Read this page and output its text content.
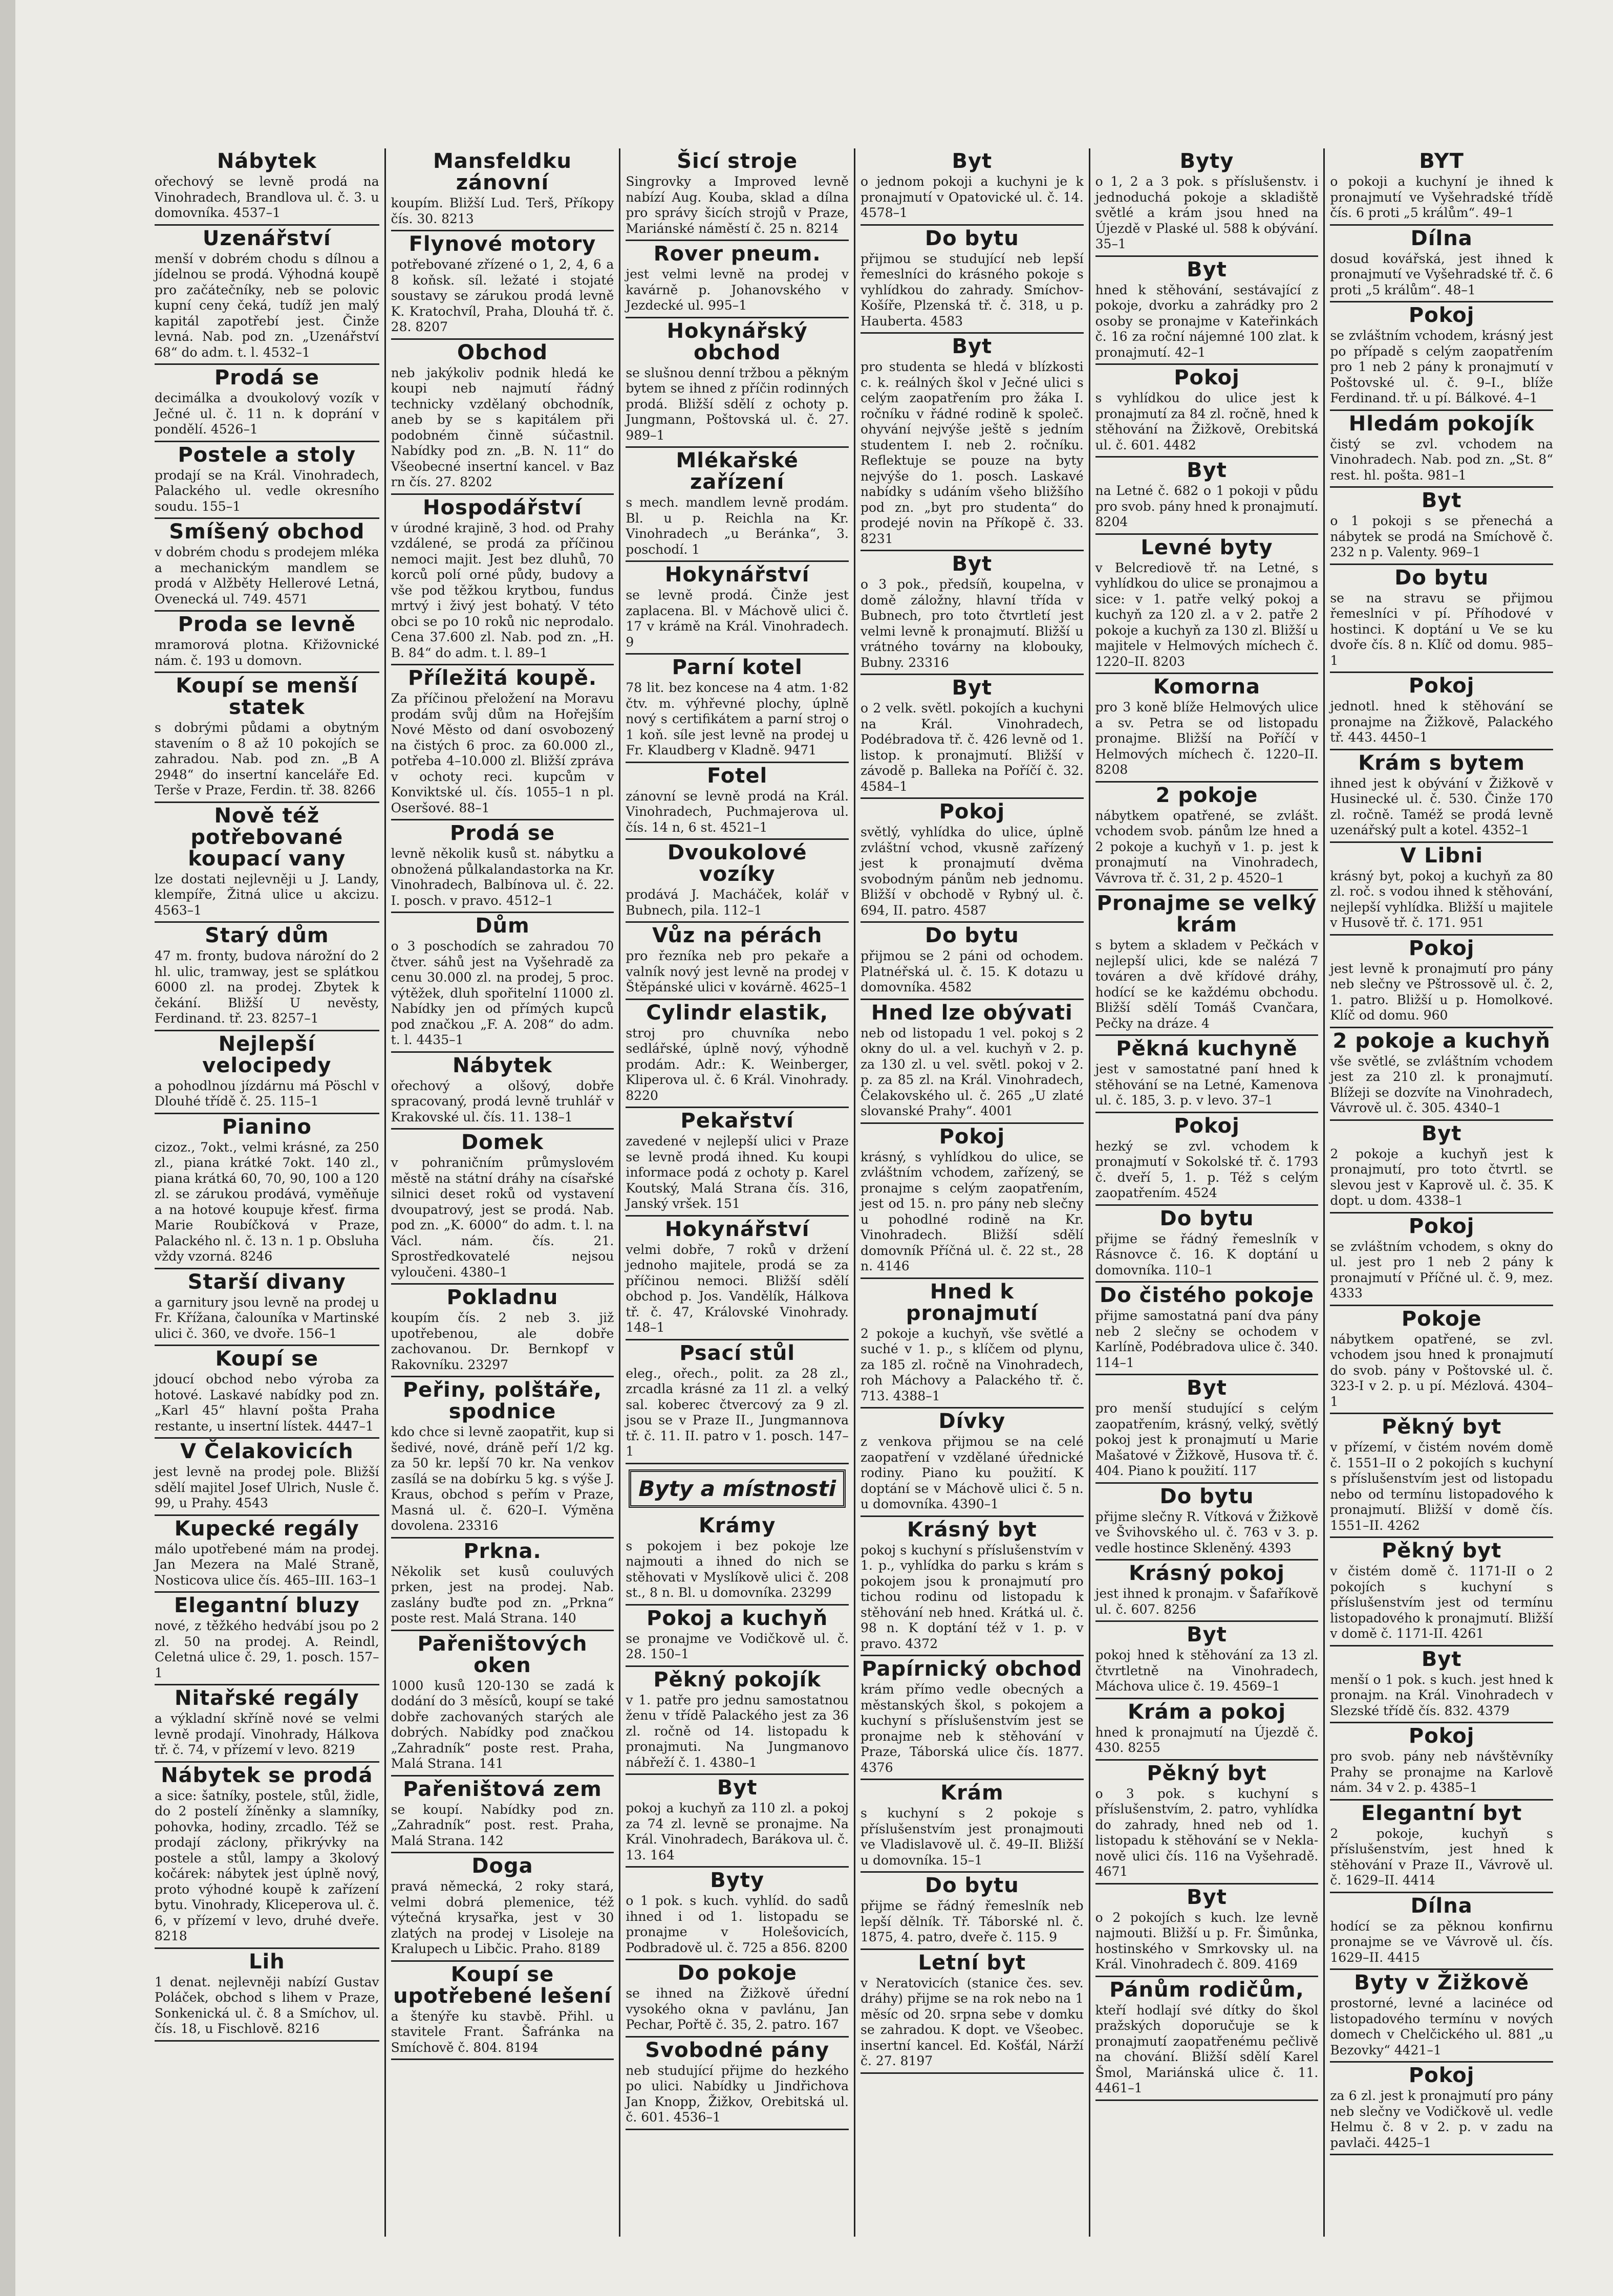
Nábytek

ořechový se levně prodá na Vinohradech, Brandlova ul. č. 3. u domovníka. 4537–1

Uzenářství

menší v dobrém chodu s dílnou a jídelnou se prodá. Výhodná koupě pro začátečníky, neb se polovic kupní ceny čeká, tudíž jen malý kapitál zapotřebí jest. Činže levná. Nab. pod zn. „Uzenářství 68“ do adm. t. l. 4532–1

Prodá se

decimálka a dvoukolový vozík v Ječné ul. č. 11 n. k doprání v pondělí. 4526–1

Postele a stoly

prodají se na Král. Vinohradech, Palackého ul. vedle okresního soudu. 155–1

Smíšený obchod

v dobrém chodu s prodejem mléka a mechanickým mandlem se prodá v Alžběty Hellerové Letná, Ovenecká ul. 749. 4571

Proda se levně

mramorová plotna. Křižovnické nám. č. 193 u domovn.

Koupí se menší statek

s dobrými půdami a obytným stavením o 8 až 10 pokojích se zahradou. Nab. pod zn. „B A 2948“ do insertní kanceláře Ed. Terše v Praze, Ferdin. tř. 38. 8266

Nově též potřebované koupací vany

lze dostati nejlevněji u J. Landy, klempíře, Žitná ulice u akcizu. 4563–1

Starý dům

47 m. fronty, budova nárožní do 2 hl. ulic, tramway, jest se splátkou 6000 zl. na prodej. Zbytek k čekání. Bližší U nevěsty, Ferdinand. tř. 23. 8257–1

Nejlepší velocipedy

a pohodlnou jízdárnu má Pöschl v Dlouhé třídě č. 25. 115–1

Pianino

cizoz., 7okt., velmi krásné, za 250 zl., piana krátké 7okt. 140 zl., piana krátká 60, 70, 90, 100 a 120 zl. se zárukou prodává, vyměňuje a na hotové koupuje křesť. firma Marie Roubíčková v Praze, Palackého nl. č. 13 n. 1 p. Obsluha vždy vzorná. 8246

Starší divany

a garnitury jsou levně na prodej u Fr. Křížana, čalouníka v Martinské ulici č. 360, ve dvoře. 156–1

Koupí se

jdoucí obchod nebo výroba za hotové. Laskavé nabídky pod zn. „Karl 45“ hlavní pošta Praha restante, u insertní lístek. 4447–1

V Čelakovicích

jest levně na prodej pole. Bližší sdělí majitel Josef Ulrich, Nusle č. 99, u Prahy. 4543

Kupecké regály

málo upotřebené mám na prodej. Jan Mezera na Malé Straně, Nosticova ulice čís. 465–III. 163–1

Elegantní bluzy

nové, z těžkého hedvábí jsou po 2 zl. 50 na prodej. A. Reindl, Celetná ulice č. 29, 1. posch. 157–1

Nitařské regály

a výkladní skříně nové se velmi levně prodají. Vinohrady, Hálkova tř. č. 74, v přízemí v levo. 8219

Nábytek se prodá

a sice: šatníky, postele, stůl, židle, do 2 postelí žíněnky a slamníky, pohovka, hodiny, zrcadlo. Též se prodají záclony, přikrývky na postele a stůl, lampy a 3kolový kočárek: nábytek jest úplně nový, proto výhodné koupě k zařízení bytu. Vinohrady, Kliceperova ul. č. 6, v přízemí v levo, druhé dveře. 8218

Lih

1 denat. nejlevněji nabízí Gustav Poláček, obchod s lihem v Praze, Sonkenická ul. č. 8 a Smíchov, ul. čís. 18, u Fischlově. 8216

Mansfeldku zánovní

koupím. Bližší Lud. Terš, Příkopy čís. 30. 8213

Flynové motory

potřebované zřízené o 1, 2, 4, 6 a 8 koňsk. síl. ležaté i stojaté soustavy se zárukou prodá levně K. Kratochvíl, Praha, Dlouhá tř. č. 28. 8207

Obchod

neb jakýkoliv podnik hledá ke koupi neb najmutí řádný technicky vzdělaný obchodník, aneb by se s kapitálem při podobném činně súčastnil. Nabídky pod zn. „B. N. 11“ do Všeobecné insertní kancel. v Baz rn čís. 27. 8202

Hospodářství

v úrodné krajině, 3 hod. od Prahy vzdálené, se prodá za příčinou nemoci majit. Jest bez dluhů, 70 korců polí orné půdy, budovy a vše pod těžkou krytbou, fundus mrtvý i živý jest bohatý. V této obci se po 10 roků nic neprodalo. Cena 37.600 zl. Nab. pod zn. „H. B. 84“ do adm. t. l. 89–1

Příležitá koupě.

Za příčinou přeložení na Moravu prodám svůj dům na Hořejším Nové Město od daní osvobozený na čistých 6 proc. za 60.000 zl., potřeba 4–10.000 zl. Bližší zpráva v ochoty reci. kupcům v Konviktské ul. čís. 1055–1 n pl. Oseršové. 88–1

Prodá se

levně několik kusů st. nábytku a obnožená půlkalandastorka na Kr. Vinohradech, Balbínova ul. č. 22. I. posch. v pravo. 4512–1

Dům

o 3 poschodích se zahradou 70 čtver. sáhů jest na Vyšehradě za cenu 30.000 zl. na prodej, 5 proc. výtěžek, dluh spořitelní 11000 zl. Nabídky jen od přímých kupců pod značkou „F. A. 208“ do adm. t. l. 4435–1

Nábytek

ořechový a olšový, dobře spracovaný, prodá levně truhlář v Krakovské ul. čís. 11. 138–1

Domek

v pohraničním průmyslovém městě na státní dráhy na císařské silnici deset roků od vystavení dvoupatrový, jest se prodá. Nab. pod zn. „K. 6000“ do adm. t. l. na Václ. nám. čís. 21. Sprostředkovatelé nejsou vyloučeni. 4380–1

Pokladnu

koupím čís. 2 neb 3. již upotřebenou, ale dobře zachovanou. Dr. Bernkopf v Rakovníku. 23297

Peřiny, polštáře, spodnice

kdo chce si levně zaopatřit, kup si šedivé, nové, dráně peří 1/2 kg. za 50 kr. lepší 70 kr. Na venkov zasílá se na dobírku 5 kg. s výše J. Kraus, obchod s peřím v Praze, Masná ul. č. 620–I. Výměna dovolena. 23316

Prkna.

Několik set kusů couluvých prken, jest na prodej. Nab. zaslány buďte pod zn. „Prkna“ poste rest. Malá Strana. 140

Pařeništových oken

1000 kusů 120-130 se zadá k dodání do 3 měsíců, koupí se také dobře zachovaných starých ale dobrých. Nabídky pod značkou „Zahradník“ poste rest. Praha, Malá Strana. 141

Pařeništová zem

se koupí. Nabídky pod zn. „Zahradník“ post. rest. Praha, Malá Strana. 142

Doga

pravá německá, 2 roky stará, velmi dobrá plemenice, též výtečná krysařka, jest v 30 zlatých na prodej v Lisoleje na Kralupech u Libčic. Praho. 8189

Koupí se upotřebené lešení

a štenýře ku stavbě. Přihl. u stavitele Frant. Šafránka na Smíchově č. 804. 8194

Šicí stroje

Singrovky a Improved levně nabízí Aug. Kouba, sklad a dílna pro správy šicích strojů v Praze, Mariánské náměstí č. 25 n. 8214

Rover pneum.

jest velmi levně na prodej v kavárně p. Johanovského v Jezdecké ul. 995–1

Hokynářský obchod

se slušnou denní tržbou a pěkným bytem se ihned z příčin rodinných prodá. Bližší sdělí z ochoty p. Jungmann, Poštovská ul. č. 27. 989–1

Mlékařské zařízení

s mech. mandlem levně prodám. Bl. u p. Reichla na Kr. Vinohradech „u Beránka“, 3. poschodí. 1

Hokynářství

se levně prodá. Činže jest zaplacena. Bl. v Máchově ulici č. 17 v krámě na Král. Vinohradech. 9

Parní kotel

78 lit. bez koncese na 4 atm. 1·82 čtv. m. výhřevné plochy, úplně nový s certifikátem a parní stroj o 1 koň. síle jest levně na prodej u Fr. Klaudberg v Kladně. 9471

Fotel

zánovní se levně prodá na Král. Vinohradech, Puchmajerova ul. čís. 14 n, 6 st. 4521–1

Dvoukolové vozíky

prodává J. Macháček, kolář v Bubnech, pila. 112–1

Vůz na pérách

pro řezníka neb pro pekaře a valník nový jest levně na prodej v Štěpánské ulici v kovárně. 4625–1

Cylindr elastik,

stroj pro chuvníka nebo sedlářské, úplně nový, výhodně prodám. Adr.: K. Weinberger, Kliperova ul. č. 6 Král. Vinohrady. 8220

Pekařství

zavedené v nejlepší ulici v Praze se levně prodá ihned. Ku koupi informace podá z ochoty p. Karel Koutský, Malá Strana čís. 316, Janský vršek. 151

Hokynářství

velmi dobře, 7 roků v držení jednoho majitele, prodá se za příčinou nemoci. Bližší sdělí obchod p. Jos. Vandělík, Hálkova tř. č. 47, Královské Vinohrady. 148–1

Psací stůl

eleg., ořech., polit. za 28 zl., zrcadla krásné za 11 zl. a velký sal. koberec čtvercový za 9 zl. jsou se v Praze II., Jungmannova tř. č. 11. II. patro v 1. posch. 147–1

Byty a místnosti
Krámy

s pokojem i bez pokoje lze najmouti a ihned do nich se stěhovati v Myslíkově ulici č. 208 st., 8 n. Bl. u domovníka. 23299

Pokoj a kuchyň

se pronajme ve Vodičkově ul. č. 28. 150–1

Pěkný pokojík

v 1. patře pro jednu samostatnou ženu v třídě Palackého jest za 36 zl. ročně od 14. listopadu k pronajmuti. Na Jungmanovo nábřeží č. 1. 4380–1

Byt

pokoj a kuchyň za 110 zl. a pokoj za 74 zl. levně se pronajme. Na Král. Vinohradech, Barákova ul. č. 13. 164

Byty

o 1 pok. s kuch. vyhlíd. do sadů ihned i od 1. listopadu se pronajme v Holešovicích, Podbradově ul. č. 725 a 856. 8200

Do pokoje

se ihned na Žižkově úřední vysokého okna v pavlánu, Jan Pechar, Pořtě č. 35, 2. patro. 167

Svobodné pány

neb studující přijme do hezkého po ulici. Nabídky u Jindřichova Jan Knopp, Žižkov, Orebitská ul. č. 601. 4536–1

Byt

o jednom pokoji a kuchyni je k pronajmutí v Opatovické ul. č. 14. 4578–1

Do bytu

přijmou se studující neb lepší řemeslníci do krásného pokoje s vyhlídkou do zahrady. Smíchov-Košíře, Plzenská tř. č. 318, u p. Hauberta. 4583

Byt

pro studenta se hledá v blízkosti c. k. reálných škol v Ječné ulici s celým zaopatřením pro žáka I. ročníku v řádné rodině k společ. ohyvání nejvýše ještě s jedním studentem I. neb 2. ročníku. Reflektuje se pouze na byty nejvýše do 1. posch. Laskavé nabídky s udáním všeho bližšího pod zn. „byt pro studenta“ do prodejé novin na Příkopě č. 33. 8231

Byt

o 3 pok., předsíň, koupelna, v domě záložny, hlavní třída v Bubnech, pro toto čtvrtletí jest velmi levně k pronajmutí. Bližší u vrátného továrny na klobouky, Bubny. 23316

Byt

o 2 velk. světl. pokojích a kuchyni na Král. Vinohradech, Podébradova tř. č. 426 levně od 1. listop. k pronajmutí. Bližší v závodě p. Balleka na Poříčí č. 32. 4584–1

Pokoj

světlý, vyhlídka do ulice, úplně zvláštní vchod, vkusně zařízený jest k pronajmutí dvěma svobodným pánům neb jednomu. Bližší v obchodě v Rybný ul. č. 694, II. patro. 4587

Do bytu

přijmou se 2 páni od ochodem. Platnéřská ul. č. 15. K dotazu u domovníka. 4582

Hned lze obývati

neb od listopadu 1 vel. pokoj s 2 okny do ul. a vel. kuchyň v 2. p. za 130 zl. u vel. světl. pokoj v 2. p. za 85 zl. na Král. Vinohradech, Čelakovského ul. č. 265 „U zlaté slovanské Prahy“. 4001

Pokoj

krásný, s vyhlídkou do ulice, se zvláštním vchodem, zařízený, se pronajme s celým zaopatřením, jest od 15. n. pro pány neb slečny u pohodlné rodině na Kr. Vinohradech. Bližší sdělí domovník Příčná ul. č. 22 st., 28 n. 4146

Hned k pronajmutí

2 pokoje a kuchyň, vše světlé a suché v 1. p., s klíčem od plynu, za 185 zl. ročně na Vinohradech, roh Máchovy a Palackého tř. č. 713. 4388–1

Dívky

z venkova přijmou se na celé zaopatření v vzdělané úřednické rodiny. Piano ku použití. K doptání se v Máchově ulici č. 5 n. u domovníka. 4390–1

Krásný byt

pokoj s kuchyní s příslušenstvím v 1. p., vyhlídka do parku s krám s pokojem jsou k pronajmutí pro tichou rodinu od listopadu k stěhování neb hned. Krátká ul. č. 98 n. K doptání též v 1. p. v pravo. 4372

Papírnický obchod

krám přímo vedle obecných a městanských škol, s pokojem a kuchyní s příslušenstvím jest se pronajme neb k stěhování v Praze, Táborská ulice čís. 1877. 4376

Krám

s kuchyní s 2 pokoje s příslušenstvím jest pronajmouti ve Vladislavově ul. č. 49–II. Bližší u domovníka. 15–1

Do bytu

přijme se řádný řemeslník neb lepší dělník. Tř. Táborské nl. č. 1875, 4. patro, dveře č. 115. 9

Letní byt

v Neratovicích (stanice čes. sev. dráhy) přijme se na rok nebo na 1 měsíc od 20. srpna sebe v domku se zahradou. K dopt. ve Všeobec. insertní kancel. Ed. Košťál, Nárží č. 27. 8197

Byty

o 1, 2 a 3 pok. s příslušenstv. i jednoduchá pokoje a skladiště světlé a krám jsou hned na Újezdě v Plaské ul. 588 k obývání. 35–1

Byt

hned k stěhování, sestávající z pokoje, dvorku a zahrádky pro 2 osoby se pronajme v Kateřinkách č. 16 za roční nájemné 100 zlat. k pronajmutí. 42–1

Pokoj

s vyhlídkou do ulice jest k pronajmutí za 84 zl. ročně, hned k stěhování na Žižkově, Orebitská ul. č. 601. 4482

Byt

na Letné č. 682 o 1 pokoji v půdu pro svob. pány hned k pronajmutí. 8204

Levné byty

v Belcrediově tř. na Letné, s vyhlídkou do ulice se pronajmou a sice: v 1. patře velký pokoj a kuchyň za 120 zl. a v 2. patře 2 pokoje a kuchyň za 130 zl. Bližší u majitele v Helmových míchech č. 1220–II. 8203

Komorna

pro 3 koně blíže Helmových ulice a sv. Petra se od listopadu pronajme. Bližší na Poříčí v Helmových míchech č. 1220–II. 8208

2 pokoje

nábytkem opatřené, se zvlášt. vchodem svob. pánům lze hned a 2 pokoje a kuchyň v 1. p. jest k pronajmutí na Vinohradech, Vávrova tř. č. 31, 2 p. 4520–1

Pronajme se velký krám

s bytem a skladem v Pečkách v nejlepší ulici, kde se nalézá 7 továren a dvě křídové dráhy, hodící se ke každému obchodu. Bližší sdělí Tomáš Cvančara, Pečky na dráze. 4

Pěkná kuchyně

jest v samostatné paní hned k stěhování se na Letné, Kamenova ul. č. 185, 3. p. v levo. 37–1

Pokoj

hezký se zvl. vchodem k pronajmutí v Sokolské tř. č. 1793 č. dveří 5, 1. p. Též s celým zaopatřením. 4524

Do bytu

přijme se řádný řemeslník v Rásnovce č. 16. K doptání u domovníka. 110–1

Do čistého pokoje

přijme samostatná paní dva pány neb 2 slečny se ochodem v Karlíně, Podébradova ulice č. 340. 114–1

Byt

pro menší studující s celým zaopatřením, krásný, velký, světlý pokoj jest k pronajmutí u Marie Mašatové v Žižkově, Husova tř. č. 404. Piano k použití. 117

Do bytu

přijme slečny R. Vítková v Žižkově ve Švihovského ul. č. 763 v 3. p. vedle hostince Skleněný. 4393

Krásný pokoj

jest ihned k pronajm. v Šafaříkově ul. č. 607. 8256

Byt

pokoj hned k stěhování za 13 zl. čtvrtletně na Vinohradech, Máchova ulice č. 19. 4569–1

Krám a pokoj

hned k pronajmutí na Újezdě č. 430. 8255

Pěkný byt

o 3 pok. s kuchyní s příslušenstvím, 2. patro, vyhlídka do zahrady, hned neb od 1. listopadu k stěhování se v Neklanově ulici čís. 116 na Vyšehradě. 4671

Byt

o 2 pokojích s kuch. lze levně najmouti. Bližší u p. Fr. Šimůnka, hostinského v Smrkovsky ul. na Král. Vinohradech č. 809. 4169

Pánům rodičům,

kteří hodlají své dítky do škol pražských doporučuje se k pronajmutí zaopatřenému pečlivě na chování. Bližší sdělí Karel Šmol, Mariánská ulice č. 11. 4461–1

BYT

o pokoji a kuchyní je ihned k pronajmutí ve Vyšehradské třídě čís. 6 proti „5 králům“. 49–1

Dílna

dosud kovářská, jest ihned k pronajmutí ve Vyšehradské tř. č. 6 proti „5 králům“. 48–1

Pokoj

se zvláštním vchodem, krásný jest po případě s celým zaopatřením pro 1 neb 2 pány k pronajmutí v Poštovské ul. č. 9–I., blíže Ferdinand. tř. u pí. Bálkové. 4–1

Hledám pokojík

čistý se zvl. vchodem na Vinohradech. Nab. pod zn. „St. 8“ rest. hl. pošta. 981–1

Byt

o 1 pokoji s se přenechá a nábytek se prodá na Smíchově č. 232 n p. Valenty. 969–1

Do bytu

se na stravu se přijmou řemeslníci v pí. Příhodové v hostinci. K doptání u Ve se ku dvoře čís. 8 n. Klíč od domu. 985–1

Pokoj

jednotl. hned k stěhování se pronajme na Žižkově, Palackého tř. 443. 4450–1

Krám s bytem

ihned jest k obývání v Žižkově v Husinecké ul. č. 530. Činže 170 zl. ročně. Taméž se prodá levně uzenářský pult a kotel. 4352–1

V Libni

krásný byt, pokoj a kuchyň za 80 zl. roč. s vodou ihned k stěhování, nejlepší vyhlídka. Bližší u majitele v Husově tř. č. 171. 951

Pokoj

jest levně k pronajmutí pro pány neb slečny ve Pštrossově ul. č. 2, 1. patro. Bližší u p. Homolkové. Klíč od domu. 960

2 pokoje a kuchyň

vše světlé, se zvláštním vchodem jest za 210 zl. k pronajmutí. Blížeji se dozvíte na Vinohradech, Vávrově ul. č. 305. 4340–1

Byt

2 pokoje a kuchyň jest k pronajmutí, pro toto čtvrtl. se slevou jest v Kaprově ul. č. 35. K dopt. u dom. 4338–1

Pokoj

se zvláštním vchodem, s okny do ul. jest pro 1 neb 2 pány k pronajmutí v Příčné ul. č. 9, mez. 4333

Pokoje

nábytkem opatřené, se zvl. vchodem jsou hned k pronajmutí do svob. pány v Poštovské ul. č. 323-I v 2. p. u pí. Mézlová. 4304–1

Pěkný byt

v přízemí, v čistém novém domě č. 1551–II o 2 pokojích s kuchyní s příslušenstvím jest od listopadu nebo od termínu listopadového k pronajmutí. Bližší v domě čís. 1551–II. 4262

Pěkný byt

v čistém domě č. 1171-II o 2 pokojích s kuchyní s příslušenstvím jest od termínu listopadového k pronajmutí. Bližší v domě č. 1171-II. 4261

Byt

menší o 1 pok. s kuch. jest hned k pronajm. na Král. Vinohradech v Slezské třídě čís. 832. 4379

Pokoj

pro svob. pány neb návštěvníky Prahy se pronajme na Karlově nám. 34 v 2. p. 4385–1

Elegantní byt

2 pokoje, kuchyň s příslušenstvím, jest hned k stěhování v Praze II., Vávrově ul. č. 1629–II. 4414

Dílna

hodící se za pěknou konfirnu pronajme se ve Vávrově ul. čís. 1629–II. 4415

Byty v Žižkově

prostorné, levné a lacinéce od listopadového termínu v nových domech v Chelčického ul. 881 „u Bezovky“ 4421–1

Pokoj

za 6 zl. jest k pronajmutí pro pány neb slečny ve Vodičkově ul. vedle Helmu č. 8 v 2. p. v zadu na pavlači. 4425–1
